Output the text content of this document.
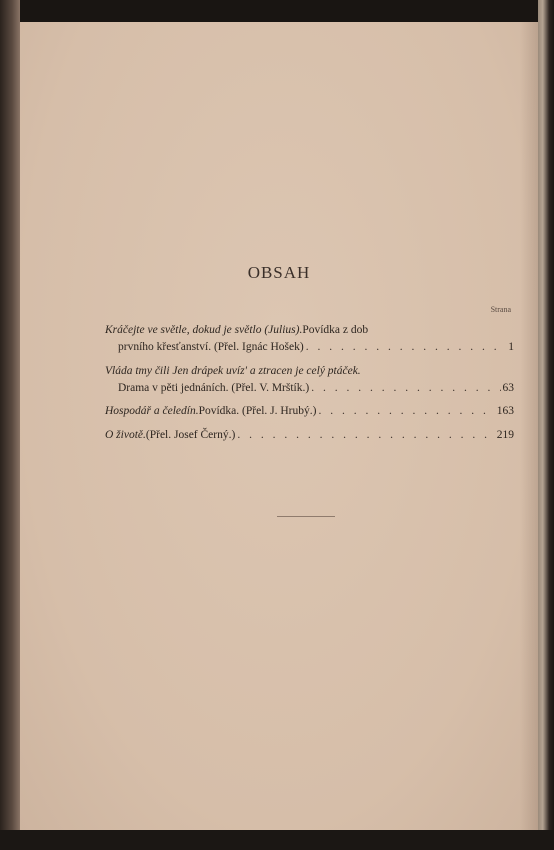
OBSAH
Strana
Kráčejte ve světle, dokud je světlo (Julius). Povídka z dob
prvního křesťanství. (Přel. Ignác Hošek) . . .	1
Vláda tmy čili Jen drápek uvíz' a ztracen je celý ptáček.
Drama v pěti jednáních. (Přel. V. Mrštík.) . . .	63
Hospodář a čeledín. Povídka. (Přel. J. Hrubý.) . . .	163
O životě. (Přel. Josef Černý.) . . .	219
